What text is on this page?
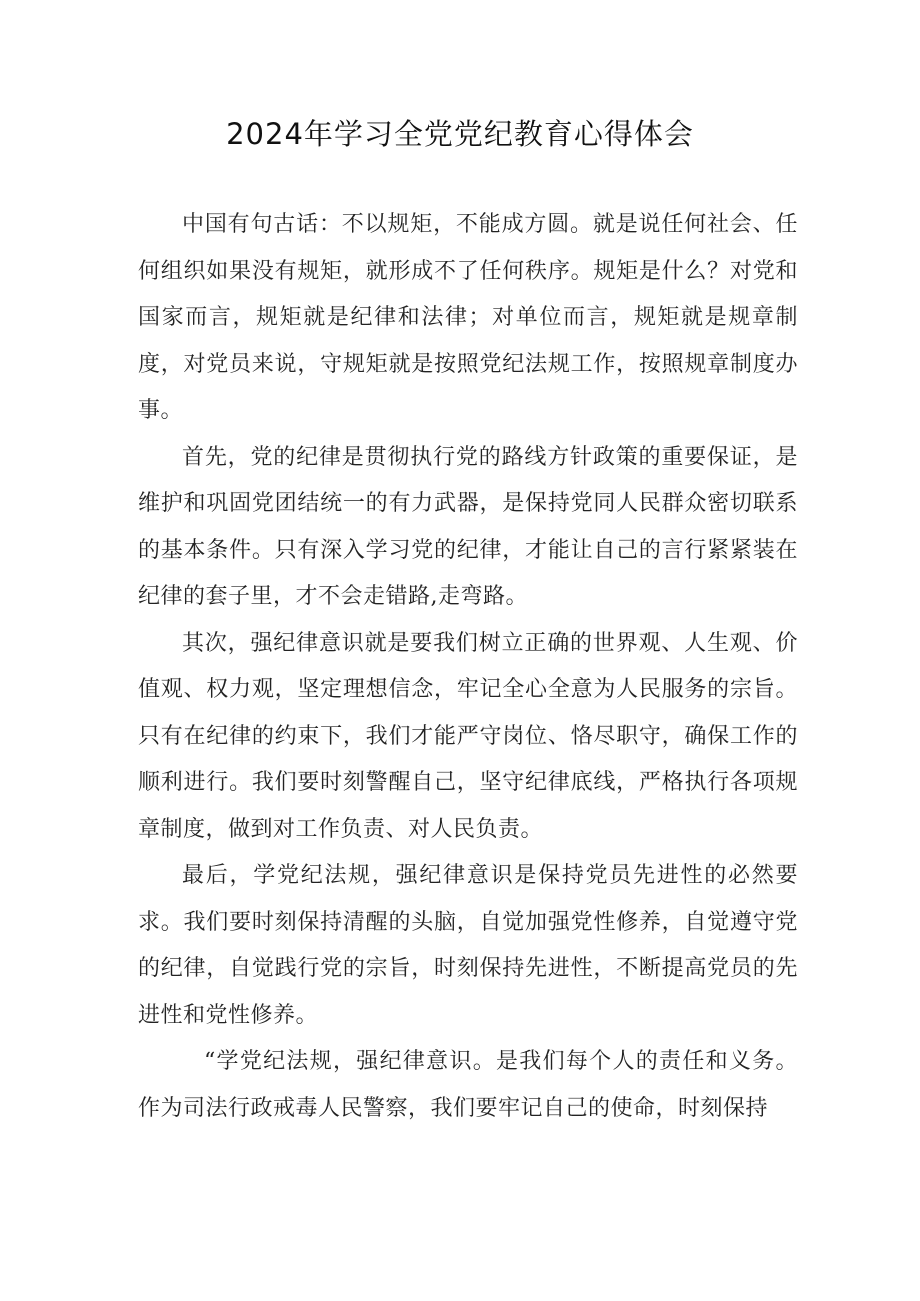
2024年学习全党党纪教育心得体会

中国有句古话：不以规矩，不能成方圆。就是说任何社会、任何组织如果没有规矩，就形成不了任何秩序。规矩是什么？对党和国家而言，规矩就是纪律和法律；对单位而言，规矩就是规章制度，对党员来说，守规矩就是按照党纪法规工作，按照规章制度办事。

首先，党的纪律是贯彻执行党的路线方针政策的重要保证，是维护和巩固党团结统一的有力武器，是保持党同人民群众密切联系的基本条件。只有深入学习党的纪律，才能让自己的言行紧紧装在纪律的套子里，才不会走错路,走弯路。

其次，强纪律意识就是要我们树立正确的世界观、人生观、价值观、权力观，坚定理想信念，牢记全心全意为人民服务的宗旨。只有在纪律的约束下，我们才能严守岗位、恪尽职守，确保工作的顺利进行。我们要时刻警醒自己，坚守纪律底线，严格执行各项规章制度，做到对工作负责、对人民负责。

最后，学党纪法规，强纪律意识是保持党员先进性的必然要求。我们要时刻保持清醒的头脑，自觉加强党性修养，自觉遵守党的纪律，自觉践行党的宗旨，时刻保持先进性，不断提高党员的先进性和党性修养。

“学党纪法规，强纪律意识。是我们每个人的责任和义务。作为司法行政戒毒人民警察，我们要牢记自己的使命，时刻保持
